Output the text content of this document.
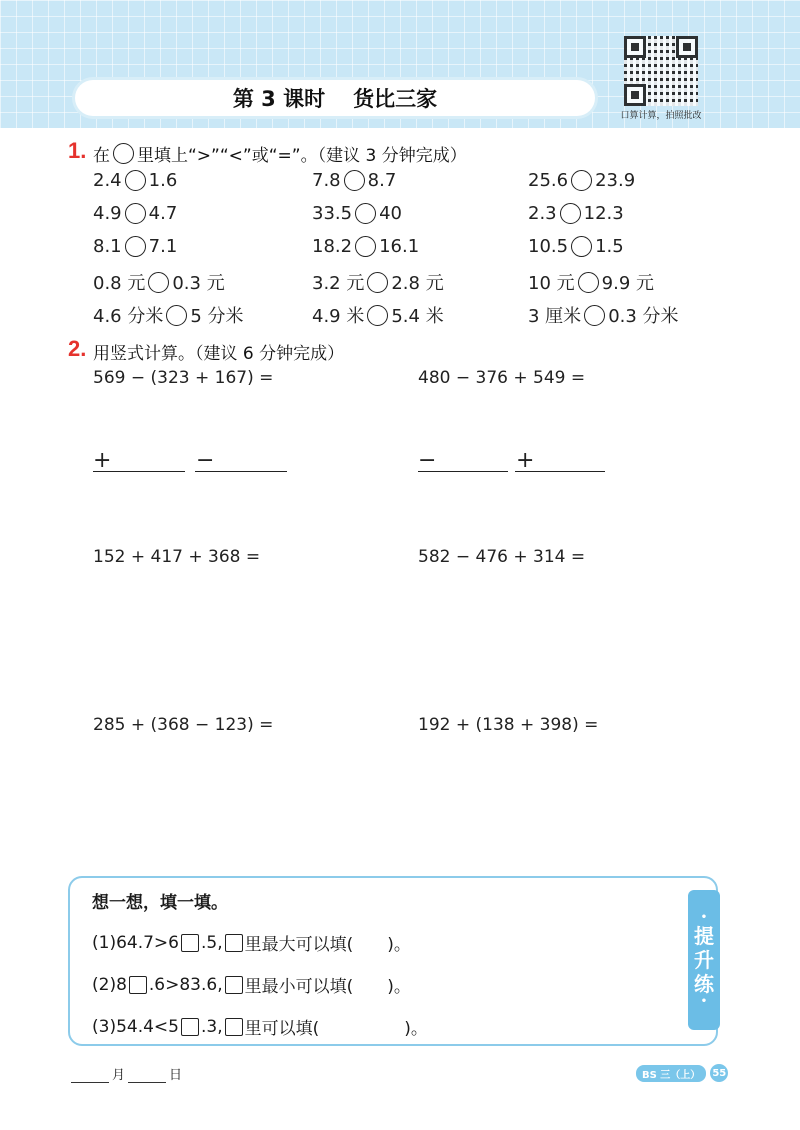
第 3 课时 货比三家
口算计算，拍照批改
1. 在 里填上“>”“<”或“=”。（建议 3 分钟完成）
2.4 1.6	7.8 8.7	25.6 23.9
4.9 4.7	33.5 40	2.3 12.3
8.1 7.1	18.2 16.1	10.5 1.5
0.8 元 0.3 元	3.2 元 2.8 元	10 元 9.9 元
4.6 分米 5 分米	4.9 米 5.4 米	3 厘米 0.3 分米
2. 用竖式计算。（建议 6 分钟完成）
569 − (323 + 167) =	480 − 376 + 549 =
+	−	−	+
152 + 417 + 368 =	582 − 476 + 314 =
285 + (368 − 123) =	192 + (138 + 398) =
•
提
升
练
•
想一想，填一填。
(1)64.7>6 .5, 里最大可以填(　　)。
(2)8 .6>83.6, 里最小可以填(　　)。
(3)54.4<5 .3, 里可以填(　　　　　)。
月	日	BS 三（上）	55
